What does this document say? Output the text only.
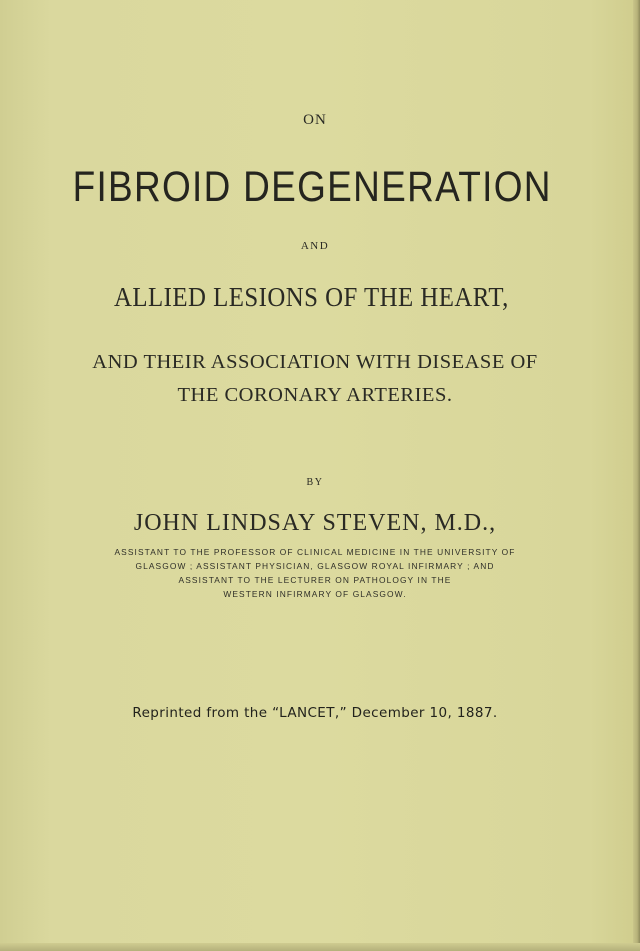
ON
FIBROID DEGENERATION
AND
ALLIED LESIONS OF THE HEART,
AND THEIR ASSOCIATION WITH DISEASE OF
THE CORONARY ARTERIES.
BY
JOHN LINDSAY STEVEN, M.D.,
ASSISTANT TO THE PROFESSOR OF CLINICAL MEDICINE IN THE UNIVERSITY OF
GLASGOW ; ASSISTANT PHYSICIAN, GLASGOW ROYAL INFIRMARY ; AND
ASSISTANT TO THE LECTURER ON PATHOLOGY IN THE
WESTERN INFIRMARY OF GLASGOW.
Reprinted from the “LANCET,” December 10, 1887.
